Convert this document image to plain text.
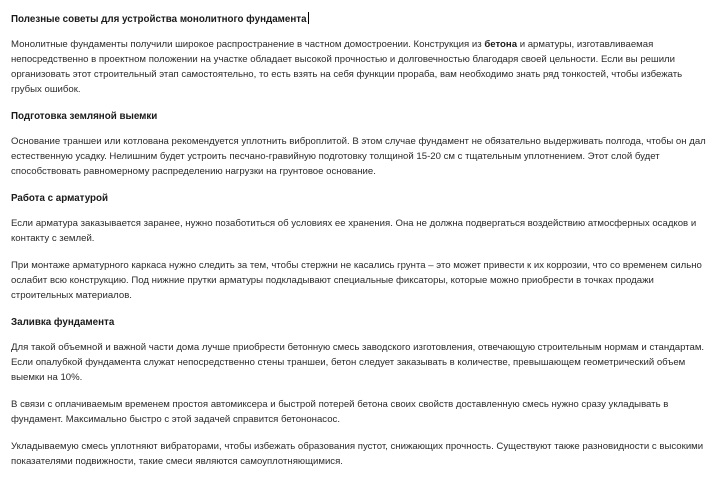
Полезные советы для устройства монолитного фундамента

Монолитные фундаменты получили широкое распространение в частном домостроении. Конструкция из бетона и арматуры, изготавливаемая непосредственно в проектном положении на участке обладает высокой прочностью и долговечностью благодаря своей цельности. Если вы решили организовать этот строительный этап самостоятельно, то есть взять на себя функции прораба, вам необходимо знать ряд тонкостей, чтобы избежать грубых ошибок.

Подготовка земляной выемки

Основание траншеи или котлована рекомендуется уплотнить виброплитой. В этом случае фундамент не обязательно выдерживать полгода, чтобы он дал естественную усадку. Нелишним будет устроить песчано-гравийную подготовку толщиной 15-20 см с тщательным уплотнением. Этот слой будет способствовать равномерному распределению нагрузки на грунтовое основание.

Работа с арматурой

Если арматура заказывается заранее, нужно позаботиться об условиях ее хранения. Она не должна подвергаться воздействию атмосферных осадков и контакту с землей.

При монтаже арматурного каркаса нужно следить за тем, чтобы стержни не касались грунта – это может привести к их коррозии, что со временем сильно ослабит всю конструкцию. Под нижние прутки арматуры подкладывают специальные фиксаторы, которые можно приобрести в точках продажи строительных материалов.

Заливка фундамента

Для такой объемной и важной части дома лучше приобрести бетонную смесь заводского изготовления, отвечающую строительным нормам и стандартам. Если опалубкой фундамента служат непосредственно стены траншеи, бетон следует заказывать в количестве, превышающем геометрический объем выемки на 10%.

В связи с оплачиваемым временем простоя автомиксера и быстрой потерей бетона своих свойств доставленную смесь нужно сразу укладывать в фундамент. Максимально быстро с этой задачей справится бетононасос.

Укладываемую смесь уплотняют вибраторами, чтобы избежать образования пустот, снижающих прочность. Существуют также разновидности с высокими показателями подвижности, такие смеси являются самоуплотняющимися.
